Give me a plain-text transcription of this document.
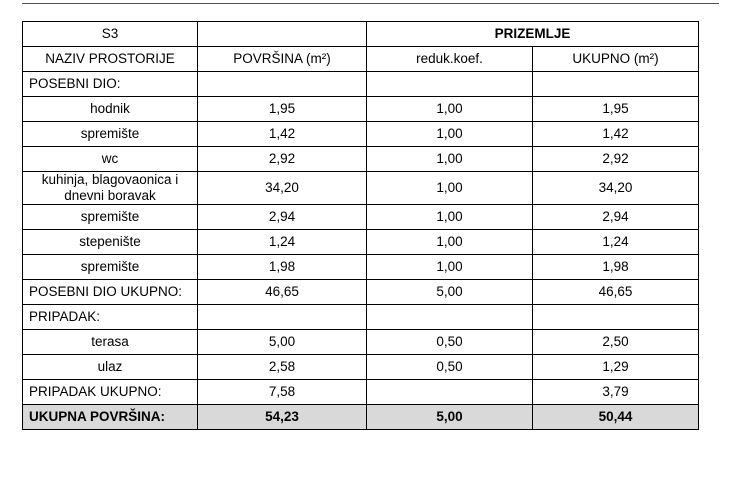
S3		PRIZEMLJE	
NAZIV PROSTORIJE	POVRŠINA (m²)	reduk.koef.	UKUPNO (m²)
POSEBNI DIO:			
hodnik	1,95	1,00	1,95
spremište	1,42	1,00	1,42
wc	2,92	1,00	2,92
kuhinja, blagovaonica i dnevni boravak	34,20	1,00	34,20
spremište	2,94	1,00	2,94
stepenište	1,24	1,00	1,24
spremište	1,98	1,00	1,98
POSEBNI DIO UKUPNO:	46,65	5,00	46,65
PRIPADAK:			
terasa	5,00	0,50	2,50
ulaz	2,58	0,50	1,29
PRIPADAK UKUPNO:	7,58		3,79
UKUPNA POVRŠINA:	54,23	5,00	50,44
